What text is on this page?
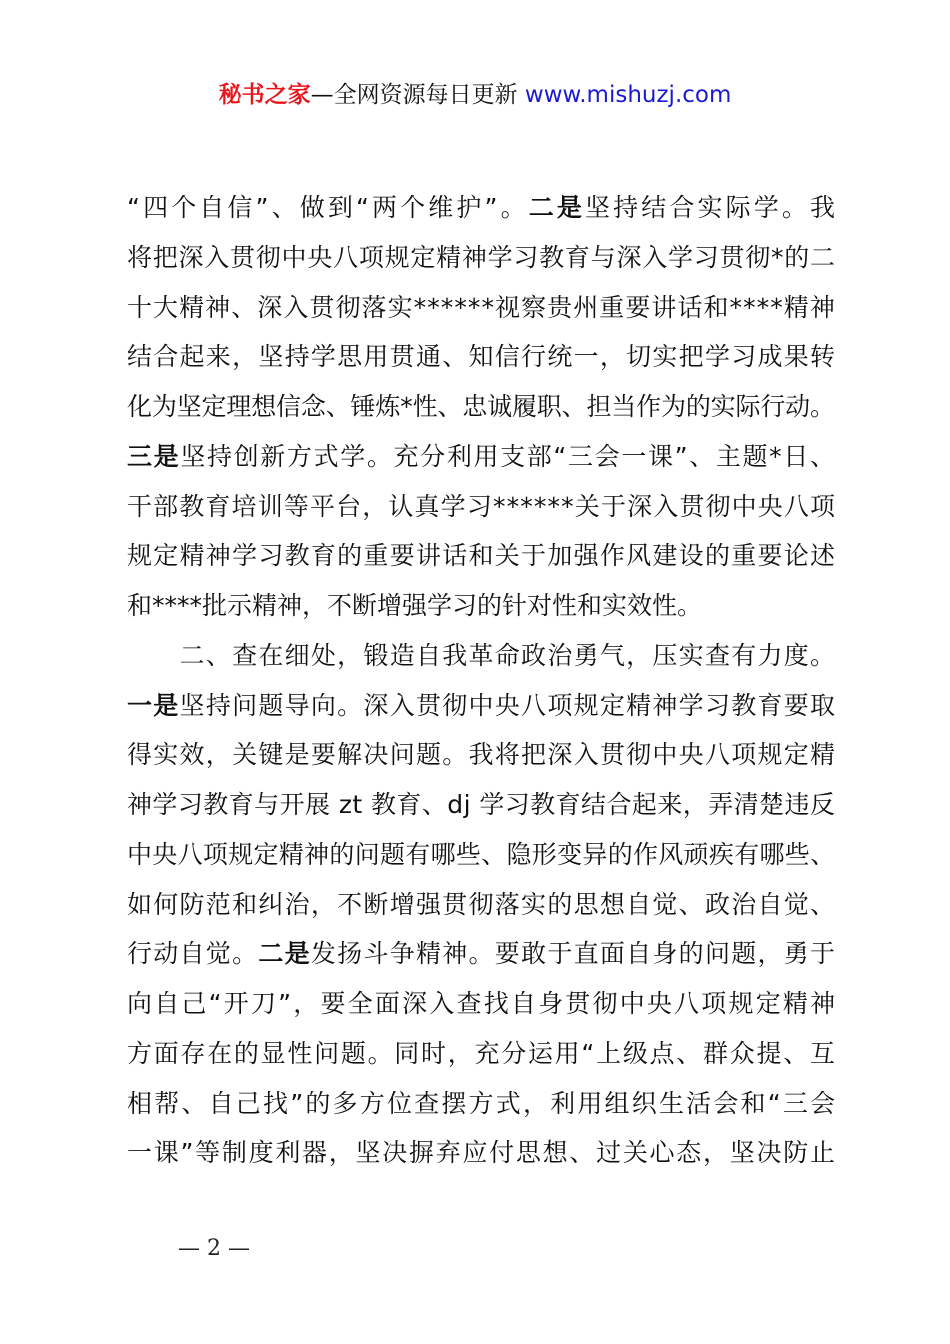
秘书之家—全网资源每日更新 www.mishuzj.com
“四个自信”、做到“两个维护”。二是坚持结合实际学。我
将把深入贯彻中央八项规定精神学习教育与深入学习贯彻*的二
十大精神、深入贯彻落实******视察贵州重要讲话和****精神
结合起来，坚持学思用贯通、知信行统一，切实把学习成果转
化为坚定理想信念、锤炼*性、忠诚履职、担当作为的实际行动。
三是坚持创新方式学。充分利用支部“三会一课”、主题*日、
干部教育培训等平台，认真学习******关于深入贯彻中央八项
规定精神学习教育的重要讲话和关于加强作风建设的重要论述
和****批示精神，不断增强学习的针对性和实效性。
　　二、查在细处，锻造自我革命政治勇气，压实查有力度。
一是坚持问题导向。深入贯彻中央八项规定精神学习教育要取
得实效，关键是要解决问题。我将把深入贯彻中央八项规定精
神学习教育与开展 zt 教育、dj 学习教育结合起来，弄清楚违反
中央八项规定精神的问题有哪些、隐形变异的作风顽疾有哪些、
如何防范和纠治，不断增强贯彻落实的思想自觉、政治自觉、
行动自觉。二是发扬斗争精神。要敢于直面自身的问题，勇于
向自己“开刀”，要全面深入查找自身贯彻中央八项规定精神
方面存在的显性问题。同时，充分运用“上级点、群众提、互
相帮、自己找”的多方位查摆方式，利用组织生活会和“三会
一课”等制度利器，坚决摒弃应付思想、过关心态，坚决防止
— 2 —
